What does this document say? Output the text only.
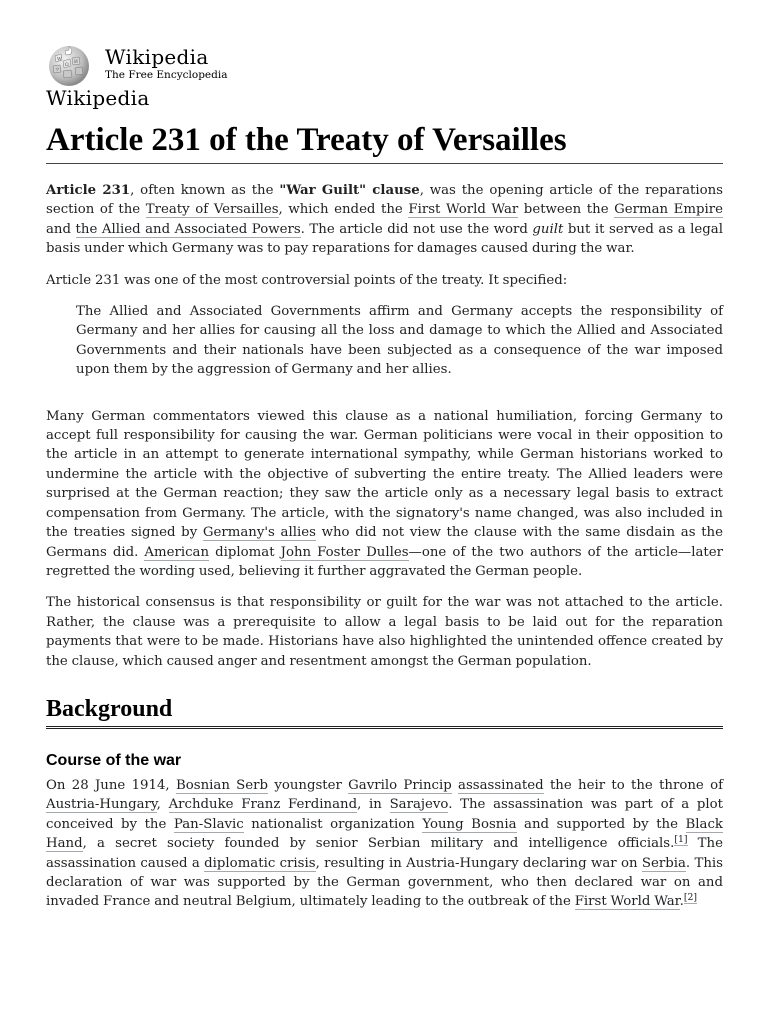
W
Ω
И
ウ
Wikipedia
The Free Encyclopedia
Wikipedia
Article 231 of the Treaty of Versailles

Article 231, often known as the "War Guilt" clause, was the opening article of the reparations section of the Treaty of Versailles, which ended the First World War between the German Empire and the Allied and Associated Powers. The article did not use the word guilt but it served as a legal basis under which Germany was to pay reparations for damages caused during the war.

Article 231 was one of the most controversial points of the treaty. It specified:

The Allied and Associated Governments affirm and Germany accepts the responsibility of Germany and her allies for causing all the loss and damage to which the Allied and Associated Governments and their nationals have been subjected as a consequence of the war imposed upon them by the aggression of Germany and her allies.

Many German commentators viewed this clause as a national humiliation, forcing Germany to accept full responsibility for causing the war. German politicians were vocal in their opposition to the article in an attempt to generate international sympathy, while German historians worked to undermine the article with the objective of subverting the entire treaty. The Allied leaders were surprised at the German reaction; they saw the article only as a necessary legal basis to extract compensation from Germany. The article, with the signatory's name changed, was also included in the treaties signed by Germany's allies who did not view the clause with the same disdain as the Germans did. American diplomat John Foster Dulles—one of the two authors of the article—later regretted the wording used, believing it further aggravated the German people.

The historical consensus is that responsibility or guilt for the war was not attached to the article. Rather, the clause was a prerequisite to allow a legal basis to be laid out for the reparation payments that were to be made. Historians have also highlighted the unintended offence created by the clause, which caused anger and resentment amongst the German population.

Background
Course of the war

On 28 June 1914, Bosnian Serb youngster Gavrilo Princip assassinated the heir to the throne of Austria-Hungary, Archduke Franz Ferdinand, in Sarajevo. The assassination was part of a plot conceived by the Pan-Slavic nationalist organization Young Bosnia and supported by the Black Hand, a secret society founded by senior Serbian military and intelligence officials.[1] The assassination caused a diplomatic crisis, resulting in Austria-Hungary declaring war on Serbia. This declaration of war was supported by the German government, who then declared war on and invaded France and neutral Belgium, ultimately leading to the outbreak of the First World War.[2]
